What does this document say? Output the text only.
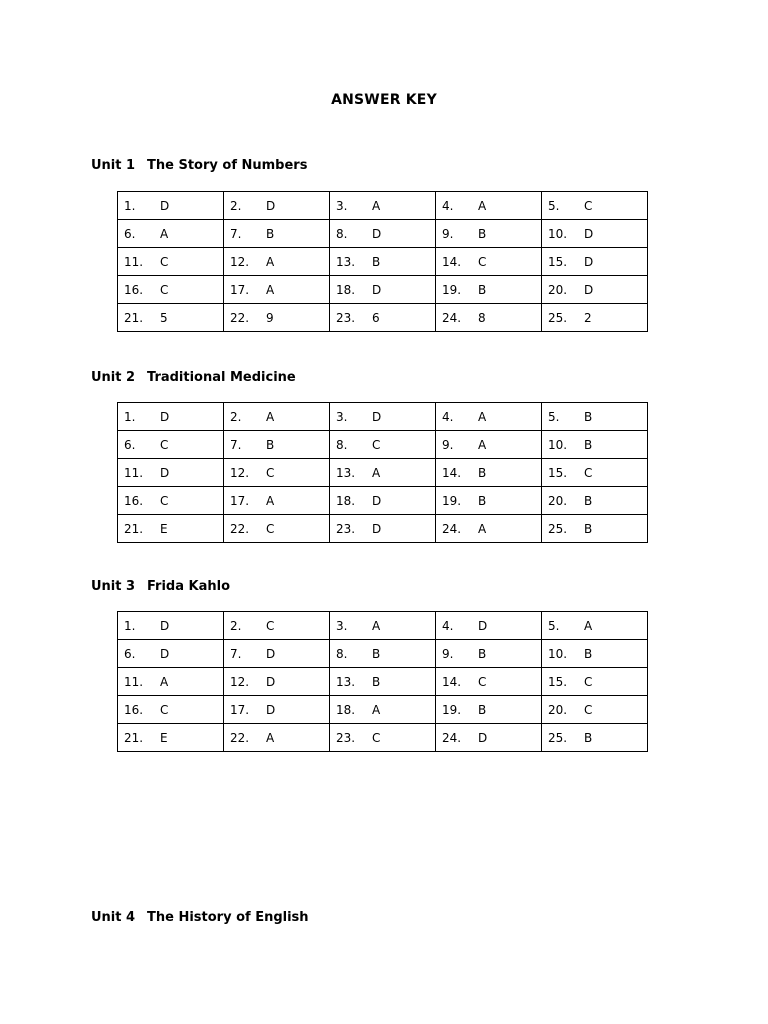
ANSWER KEY
Unit 1 The Story of Numbers
1. D	2. D	3. A	4. A	5. C
6. A	7. B	8. D	9. B	10. D
11. C	12. A	13. B	14. C	15. D
16. C	17. A	18. D	19. B	20. D
21. 5	22. 9	23. 6	24. 8	25. 2
Unit 2 Traditional Medicine
1. D	2. A	3. D	4. A	5. B
6. C	7. B	8. C	9. A	10. B
11. D	12. C	13. A	14. B	15. C
16. C	17. A	18. D	19. B	20. B
21. E	22. C	23. D	24. A	25. B
Unit 3 Frida Kahlo
1. D	2. C	3. A	4. D	5. A
6. D	7. D	8. B	9. B	10. B
11. A	12. D	13. B	14. C	15. C
16. C	17. D	18. A	19. B	20. C
21. E	22. A	23. C	24. D	25. B
Unit 4 The History of English
